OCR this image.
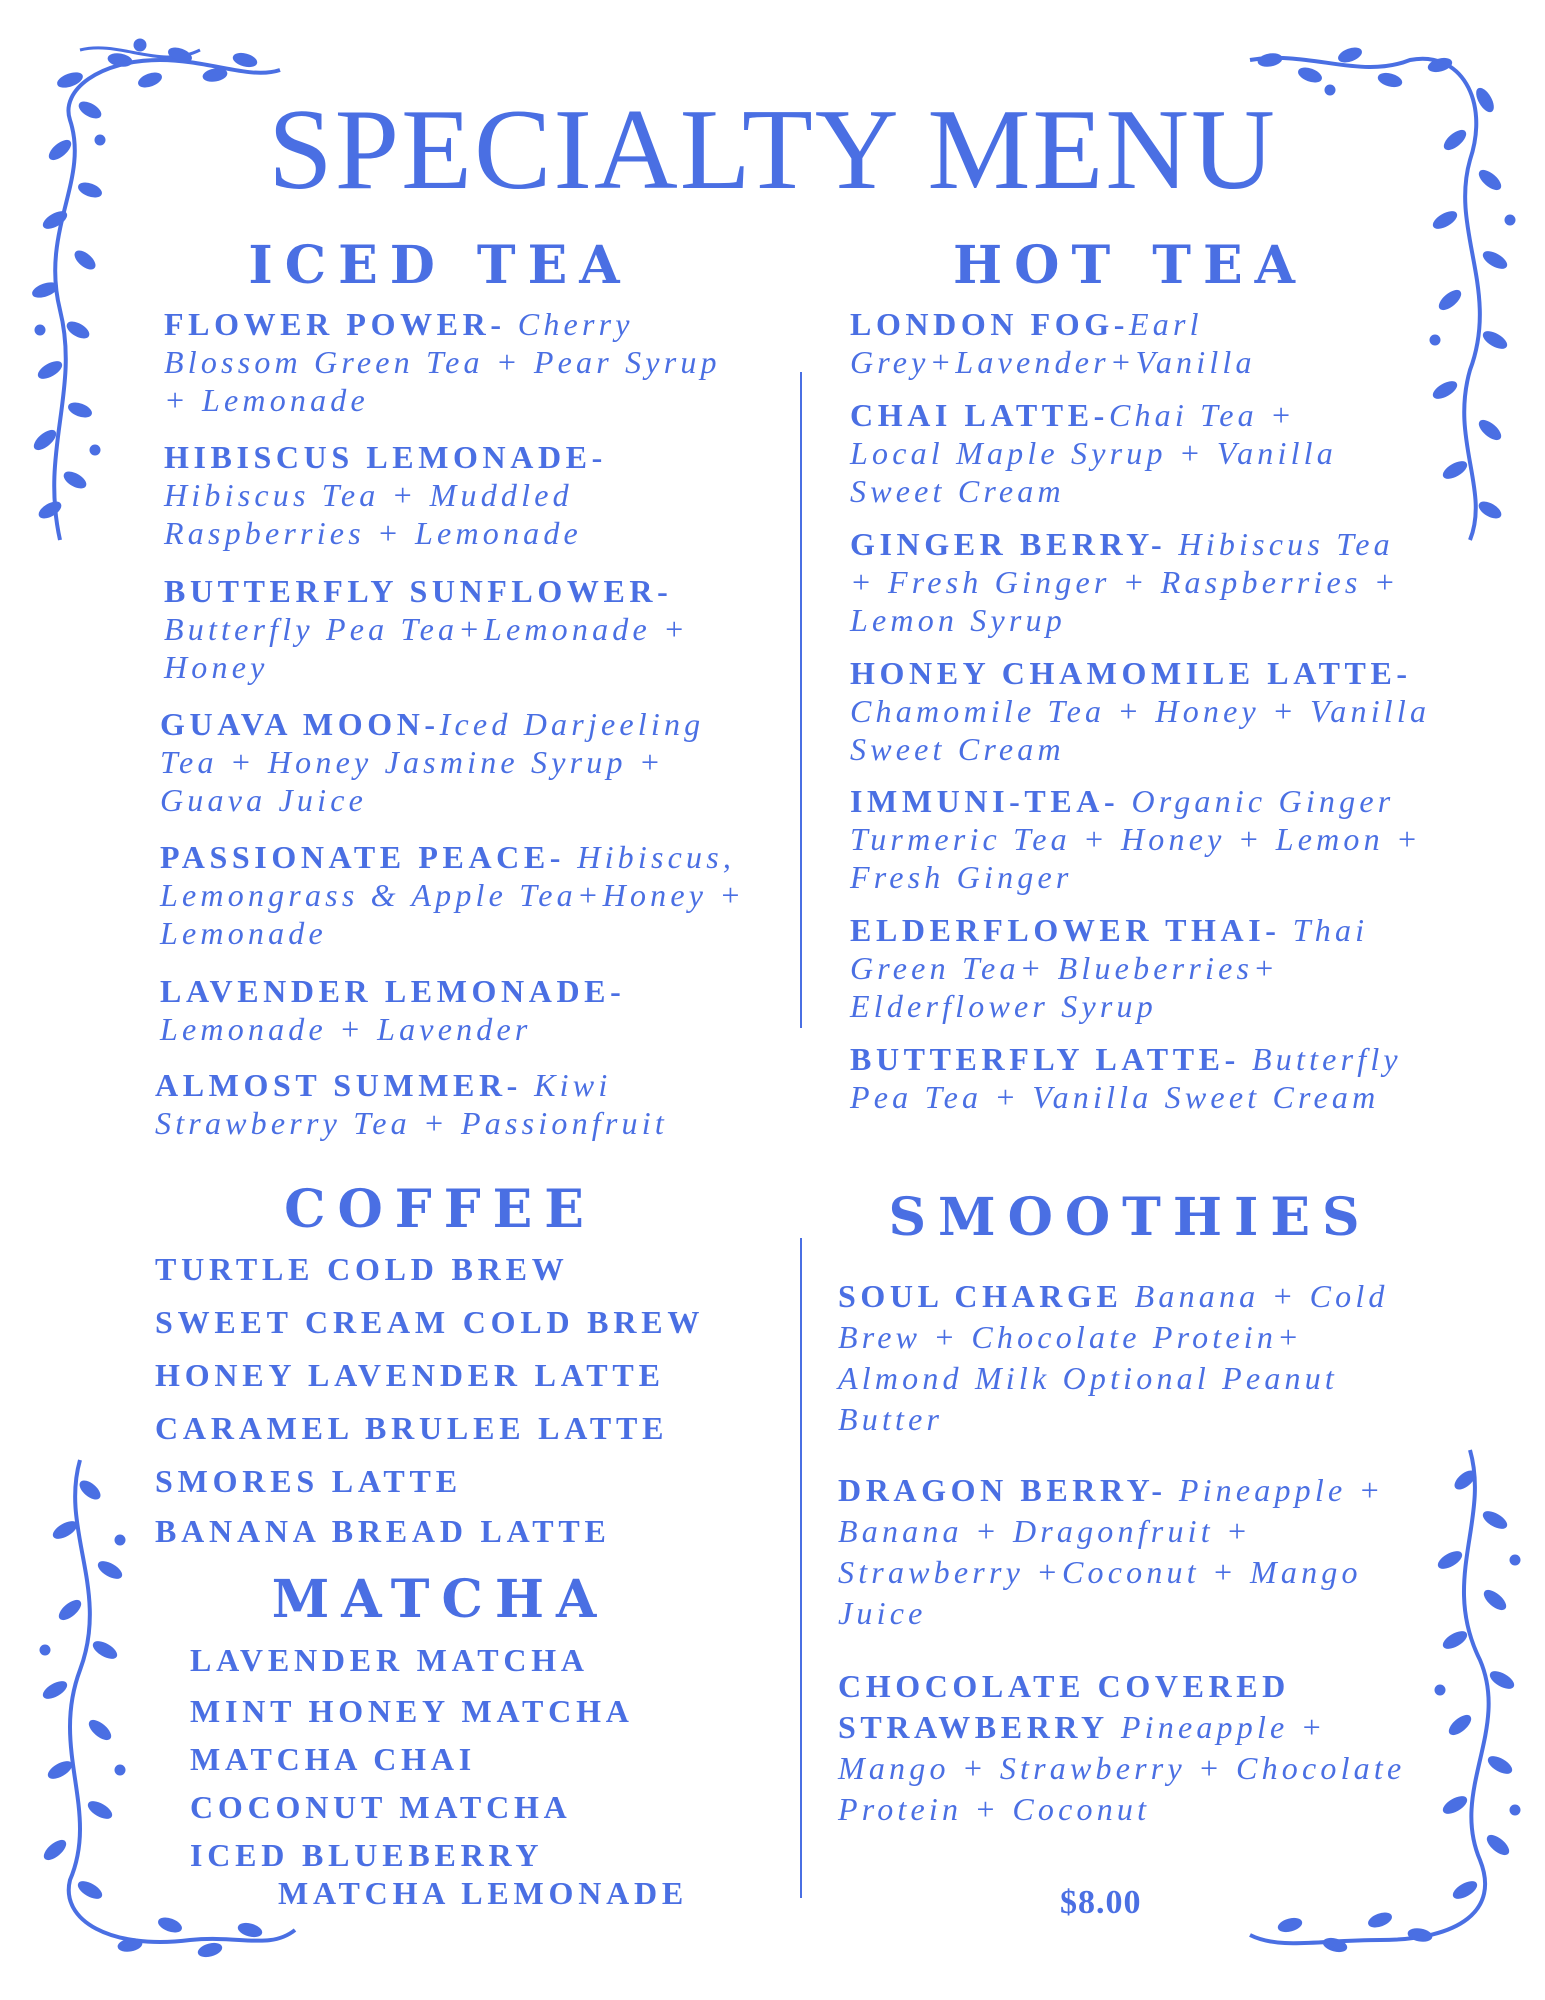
SPECIALTY MENU
ICED TEA
FLOWER POWER- Cherry Blossom Green Tea + Pear Syrup + Lemonade
HIBISCUS LEMONADE- Hibiscus Tea + Muddled Raspberries + Lemonade
BUTTERFLY SUNFLOWER- Butterfly Pea Tea+Lemonade + Honey
GUAVA MOON-Iced Darjeeling Tea + Honey Jasmine Syrup + Guava Juice
PASSIONATE PEACE- Hibiscus, Lemongrass & Apple Tea+Honey + Lemonade
LAVENDER LEMONADE- Lemonade + Lavender
ALMOST SUMMER- Kiwi Strawberry Tea + Passionfruit
HOT TEA
LONDON FOG-Earl Grey+Lavender+Vanilla
CHAI LATTE-Chai Tea + Local Maple Syrup + Vanilla Sweet Cream
GINGER BERRY- Hibiscus Tea + Fresh Ginger + Raspberries + Lemon Syrup
HONEY CHAMOMILE LATTE-Chamomile Tea + Honey + Vanilla Sweet Cream
IMMUNI-TEA- Organic Ginger Turmeric Tea + Honey + Lemon + Fresh Ginger
ELDERFLOWER THAI- Thai Green Tea+ Blueberries+ Elderflower Syrup
BUTTERFLY LATTE- Butterfly Pea Tea + Vanilla Sweet Cream
COFFEE
TURTLE COLD BREW
SWEET CREAM COLD BREW
HONEY LAVENDER LATTE
CARAMEL BRULEE LATTE
SMORES LATTE
BANANA BREAD LATTE
MATCHA
LAVENDER MATCHA
MINT HONEY MATCHA
MATCHA CHAI
COCONUT MATCHA
ICED BLUEBERRY
MATCHA LEMONADE
SMOOTHIES
SOUL CHARGE Banana + Cold Brew + Chocolate Protein+ Almond Milk Optional Peanut Butter
DRAGON BERRY- Pineapple + Banana + Dragonfruit + Strawberry +Coconut + Mango Juice
CHOCOLATE COVERED STRAWBERRY Pineapple + Mango + Strawberry + Chocolate Protein + Coconut
$8.00
